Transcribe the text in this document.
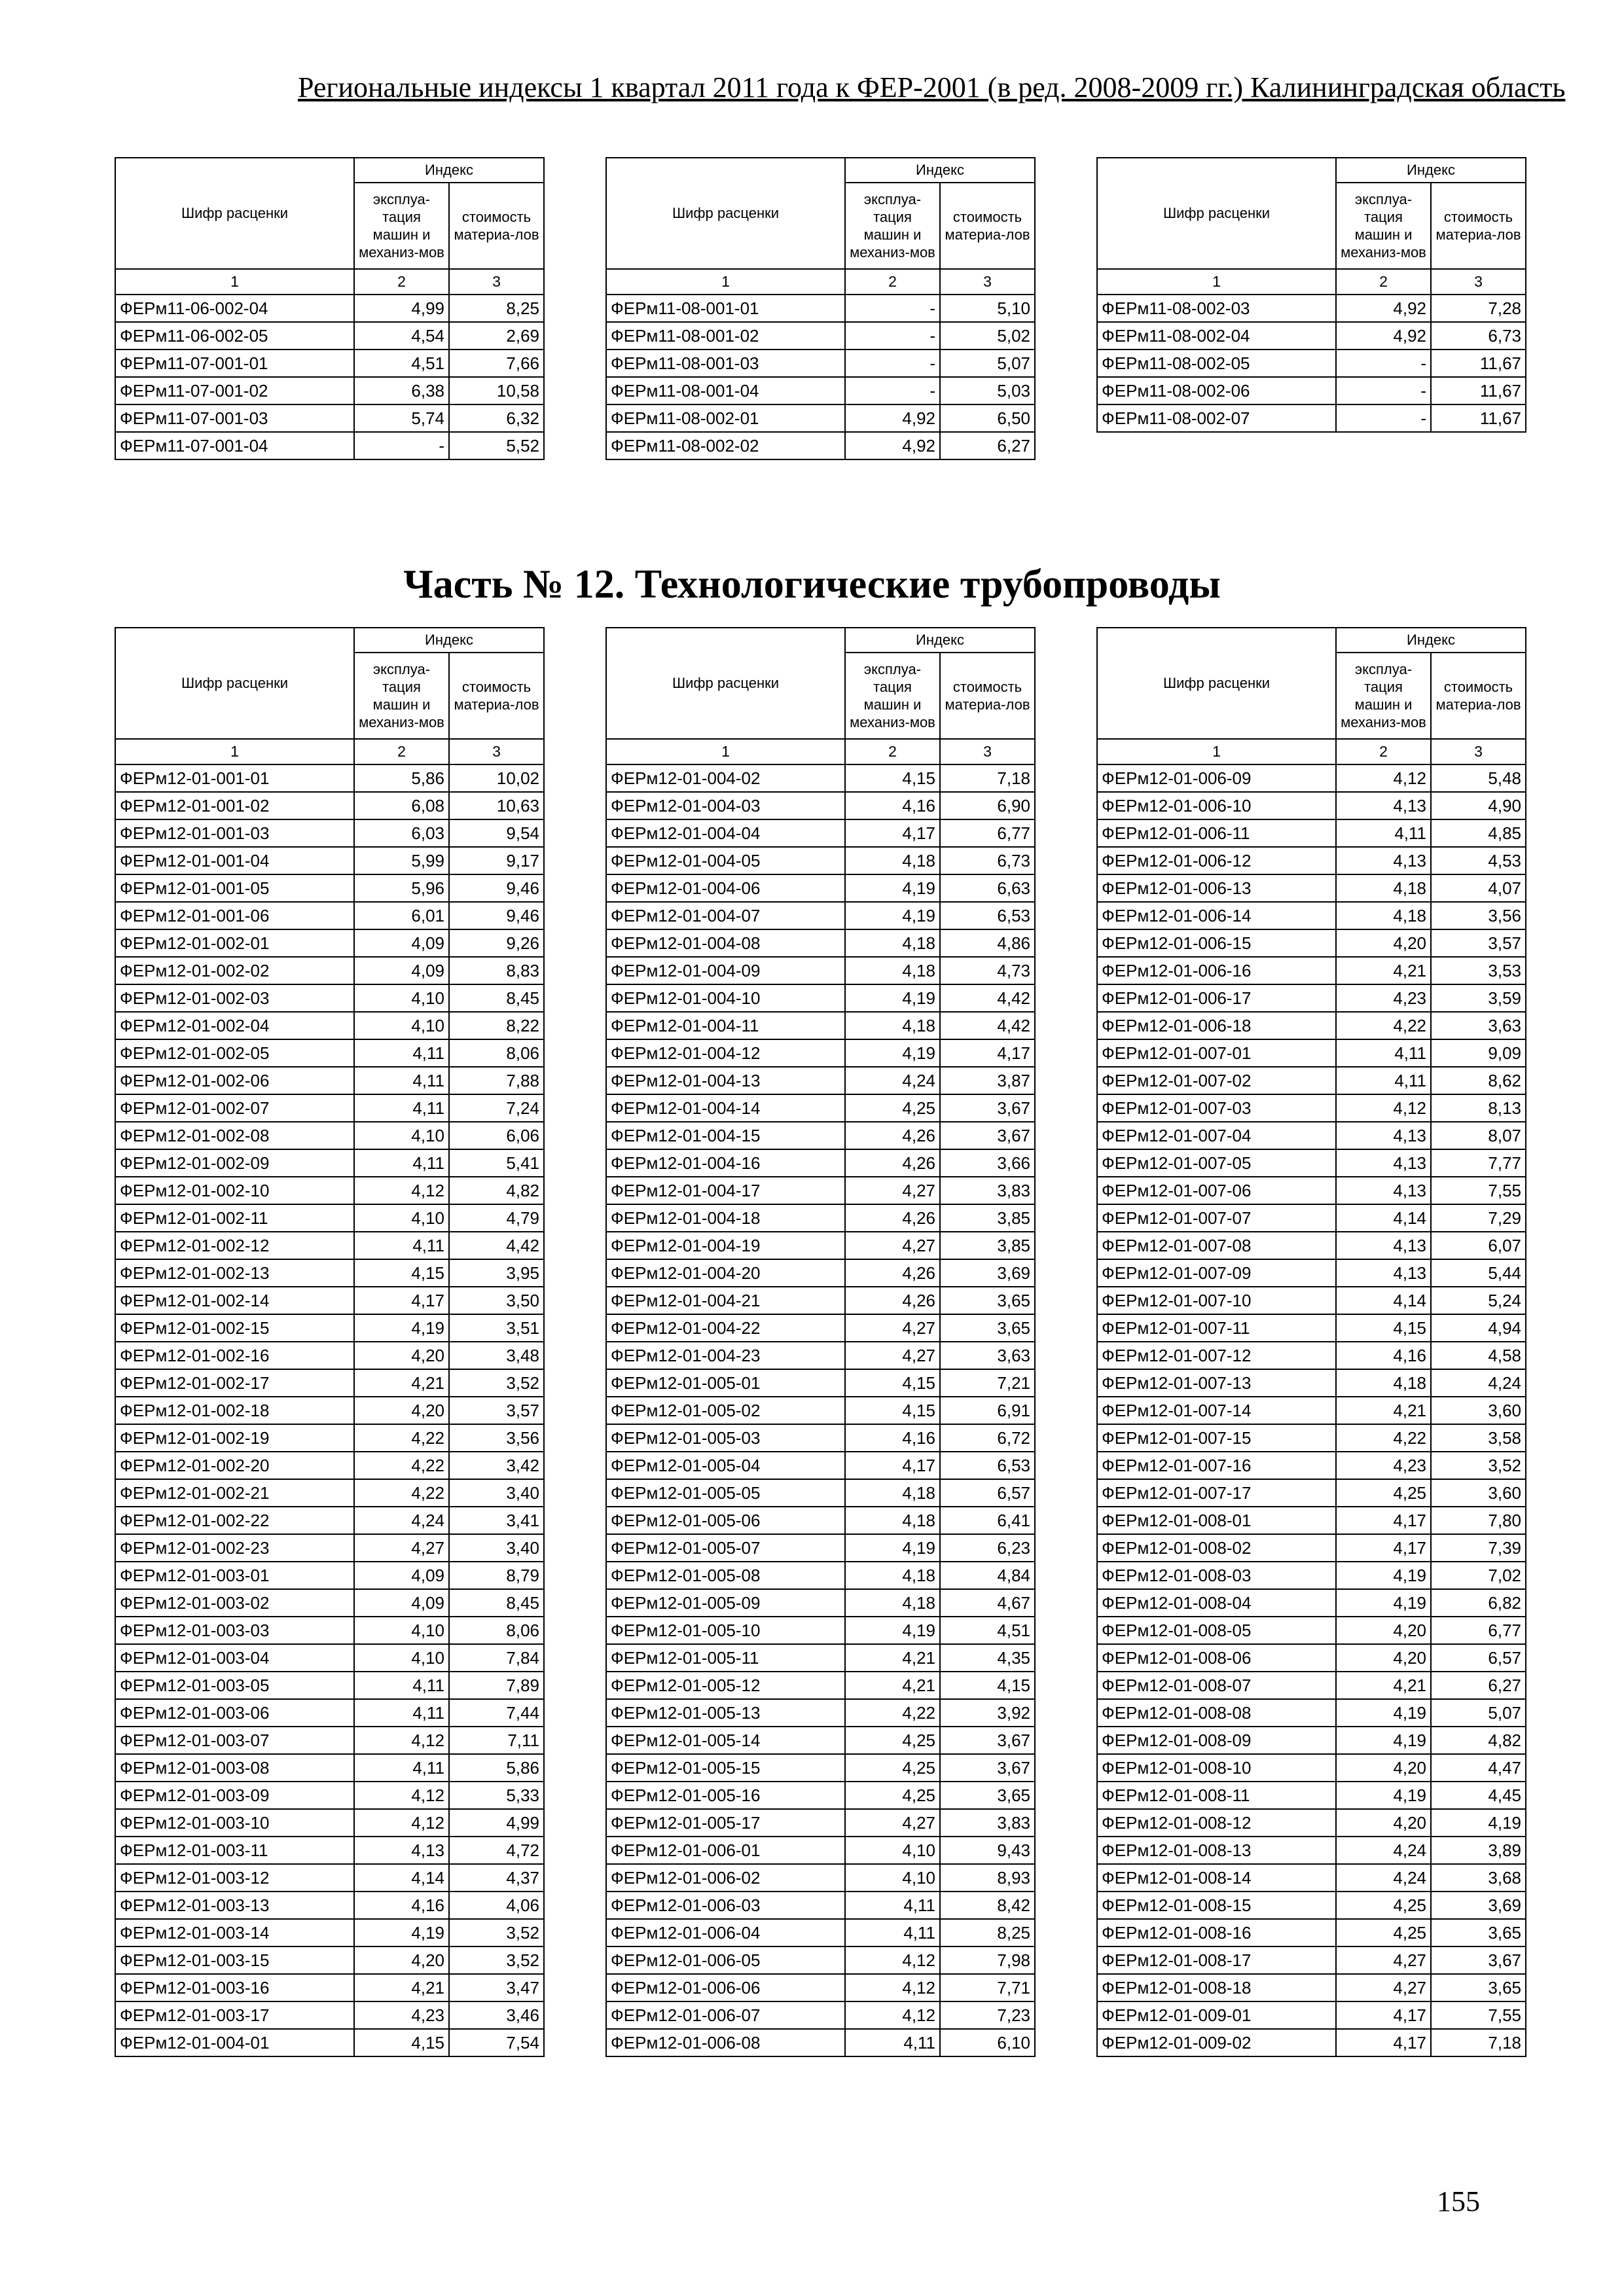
Региональные индексы 1 квартал 2011 года к ФЕР-2001 (в ред. 2008-2009 гг.) Калининградская область
Часть № 12. Технологические трубопроводы
155
Шифр расценки	Индекс	
	эксплуа-тация машин и механиз-мов	стоимость материа-лов
1	2	3
ФЕРм11-06-002-04	4,99	8,25
ФЕРм11-06-002-05	4,54	2,69
ФЕРм11-07-001-01	4,51	7,66
ФЕРм11-07-001-02	6,38	10,58
ФЕРм11-07-001-03	5,74	6,32
ФЕРм11-07-001-04	-	5,52
Шифр расценки	Индекс	
	эксплуа-тация машин и механиз-мов	стоимость материа-лов
1	2	3
ФЕРм11-08-001-01	-	5,10
ФЕРм11-08-001-02	-	5,02
ФЕРм11-08-001-03	-	5,07
ФЕРм11-08-001-04	-	5,03
ФЕРм11-08-002-01	4,92	6,50
ФЕРм11-08-002-02	4,92	6,27
Шифр расценки	Индекс	
	эксплуа-тация машин и механиз-мов	стоимость материа-лов
1	2	3
ФЕРм11-08-002-03	4,92	7,28
ФЕРм11-08-002-04	4,92	6,73
ФЕРм11-08-002-05	-	11,67
ФЕРм11-08-002-06	-	11,67
ФЕРм11-08-002-07	-	11,67
Шифр расценки	Индекс	
	эксплуа-тация машин и механиз-мов	стоимость материа-лов
1	2	3
ФЕРм12-01-001-01	5,86	10,02
ФЕРм12-01-001-02	6,08	10,63
ФЕРм12-01-001-03	6,03	9,54
ФЕРм12-01-001-04	5,99	9,17
ФЕРм12-01-001-05	5,96	9,46
ФЕРм12-01-001-06	6,01	9,46
ФЕРм12-01-002-01	4,09	9,26
ФЕРм12-01-002-02	4,09	8,83
ФЕРм12-01-002-03	4,10	8,45
ФЕРм12-01-002-04	4,10	8,22
ФЕРм12-01-002-05	4,11	8,06
ФЕРм12-01-002-06	4,11	7,88
ФЕРм12-01-002-07	4,11	7,24
ФЕРм12-01-002-08	4,10	6,06
ФЕРм12-01-002-09	4,11	5,41
ФЕРм12-01-002-10	4,12	4,82
ФЕРм12-01-002-11	4,10	4,79
ФЕРм12-01-002-12	4,11	4,42
ФЕРм12-01-002-13	4,15	3,95
ФЕРм12-01-002-14	4,17	3,50
ФЕРм12-01-002-15	4,19	3,51
ФЕРм12-01-002-16	4,20	3,48
ФЕРм12-01-002-17	4,21	3,52
ФЕРм12-01-002-18	4,20	3,57
ФЕРм12-01-002-19	4,22	3,56
ФЕРм12-01-002-20	4,22	3,42
ФЕРм12-01-002-21	4,22	3,40
ФЕРм12-01-002-22	4,24	3,41
ФЕРм12-01-002-23	4,27	3,40
ФЕРм12-01-003-01	4,09	8,79
ФЕРм12-01-003-02	4,09	8,45
ФЕРм12-01-003-03	4,10	8,06
ФЕРм12-01-003-04	4,10	7,84
ФЕРм12-01-003-05	4,11	7,89
ФЕРм12-01-003-06	4,11	7,44
ФЕРм12-01-003-07	4,12	7,11
ФЕРм12-01-003-08	4,11	5,86
ФЕРм12-01-003-09	4,12	5,33
ФЕРм12-01-003-10	4,12	4,99
ФЕРм12-01-003-11	4,13	4,72
ФЕРм12-01-003-12	4,14	4,37
ФЕРм12-01-003-13	4,16	4,06
ФЕРм12-01-003-14	4,19	3,52
ФЕРм12-01-003-15	4,20	3,52
ФЕРм12-01-003-16	4,21	3,47
ФЕРм12-01-003-17	4,23	3,46
ФЕРм12-01-004-01	4,15	7,54
Шифр расценки	Индекс	
	эксплуа-тация машин и механиз-мов	стоимость материа-лов
1	2	3
ФЕРм12-01-004-02	4,15	7,18
ФЕРм12-01-004-03	4,16	6,90
ФЕРм12-01-004-04	4,17	6,77
ФЕРм12-01-004-05	4,18	6,73
ФЕРм12-01-004-06	4,19	6,63
ФЕРм12-01-004-07	4,19	6,53
ФЕРм12-01-004-08	4,18	4,86
ФЕРм12-01-004-09	4,18	4,73
ФЕРм12-01-004-10	4,19	4,42
ФЕРм12-01-004-11	4,18	4,42
ФЕРм12-01-004-12	4,19	4,17
ФЕРм12-01-004-13	4,24	3,87
ФЕРм12-01-004-14	4,25	3,67
ФЕРм12-01-004-15	4,26	3,67
ФЕРм12-01-004-16	4,26	3,66
ФЕРм12-01-004-17	4,27	3,83
ФЕРм12-01-004-18	4,26	3,85
ФЕРм12-01-004-19	4,27	3,85
ФЕРм12-01-004-20	4,26	3,69
ФЕРм12-01-004-21	4,26	3,65
ФЕРм12-01-004-22	4,27	3,65
ФЕРм12-01-004-23	4,27	3,63
ФЕРм12-01-005-01	4,15	7,21
ФЕРм12-01-005-02	4,15	6,91
ФЕРм12-01-005-03	4,16	6,72
ФЕРм12-01-005-04	4,17	6,53
ФЕРм12-01-005-05	4,18	6,57
ФЕРм12-01-005-06	4,18	6,41
ФЕРм12-01-005-07	4,19	6,23
ФЕРм12-01-005-08	4,18	4,84
ФЕРм12-01-005-09	4,18	4,67
ФЕРм12-01-005-10	4,19	4,51
ФЕРм12-01-005-11	4,21	4,35
ФЕРм12-01-005-12	4,21	4,15
ФЕРм12-01-005-13	4,22	3,92
ФЕРм12-01-005-14	4,25	3,67
ФЕРм12-01-005-15	4,25	3,67
ФЕРм12-01-005-16	4,25	3,65
ФЕРм12-01-005-17	4,27	3,83
ФЕРм12-01-006-01	4,10	9,43
ФЕРм12-01-006-02	4,10	8,93
ФЕРм12-01-006-03	4,11	8,42
ФЕРм12-01-006-04	4,11	8,25
ФЕРм12-01-006-05	4,12	7,98
ФЕРм12-01-006-06	4,12	7,71
ФЕРм12-01-006-07	4,12	7,23
ФЕРм12-01-006-08	4,11	6,10
Шифр расценки	Индекс	
	эксплуа-тация машин и механиз-мов	стоимость материа-лов
1	2	3
ФЕРм12-01-006-09	4,12	5,48
ФЕРм12-01-006-10	4,13	4,90
ФЕРм12-01-006-11	4,11	4,85
ФЕРм12-01-006-12	4,13	4,53
ФЕРм12-01-006-13	4,18	4,07
ФЕРм12-01-006-14	4,18	3,56
ФЕРм12-01-006-15	4,20	3,57
ФЕРм12-01-006-16	4,21	3,53
ФЕРм12-01-006-17	4,23	3,59
ФЕРм12-01-006-18	4,22	3,63
ФЕРм12-01-007-01	4,11	9,09
ФЕРм12-01-007-02	4,11	8,62
ФЕРм12-01-007-03	4,12	8,13
ФЕРм12-01-007-04	4,13	8,07
ФЕРм12-01-007-05	4,13	7,77
ФЕРм12-01-007-06	4,13	7,55
ФЕРм12-01-007-07	4,14	7,29
ФЕРм12-01-007-08	4,13	6,07
ФЕРм12-01-007-09	4,13	5,44
ФЕРм12-01-007-10	4,14	5,24
ФЕРм12-01-007-11	4,15	4,94
ФЕРм12-01-007-12	4,16	4,58
ФЕРм12-01-007-13	4,18	4,24
ФЕРм12-01-007-14	4,21	3,60
ФЕРм12-01-007-15	4,22	3,58
ФЕРм12-01-007-16	4,23	3,52
ФЕРм12-01-007-17	4,25	3,60
ФЕРм12-01-008-01	4,17	7,80
ФЕРм12-01-008-02	4,17	7,39
ФЕРм12-01-008-03	4,19	7,02
ФЕРм12-01-008-04	4,19	6,82
ФЕРм12-01-008-05	4,20	6,77
ФЕРм12-01-008-06	4,20	6,57
ФЕРм12-01-008-07	4,21	6,27
ФЕРм12-01-008-08	4,19	5,07
ФЕРм12-01-008-09	4,19	4,82
ФЕРм12-01-008-10	4,20	4,47
ФЕРм12-01-008-11	4,19	4,45
ФЕРм12-01-008-12	4,20	4,19
ФЕРм12-01-008-13	4,24	3,89
ФЕРм12-01-008-14	4,24	3,68
ФЕРм12-01-008-15	4,25	3,69
ФЕРм12-01-008-16	4,25	3,65
ФЕРм12-01-008-17	4,27	3,67
ФЕРм12-01-008-18	4,27	3,65
ФЕРм12-01-009-01	4,17	7,55
ФЕРм12-01-009-02	4,17	7,18
